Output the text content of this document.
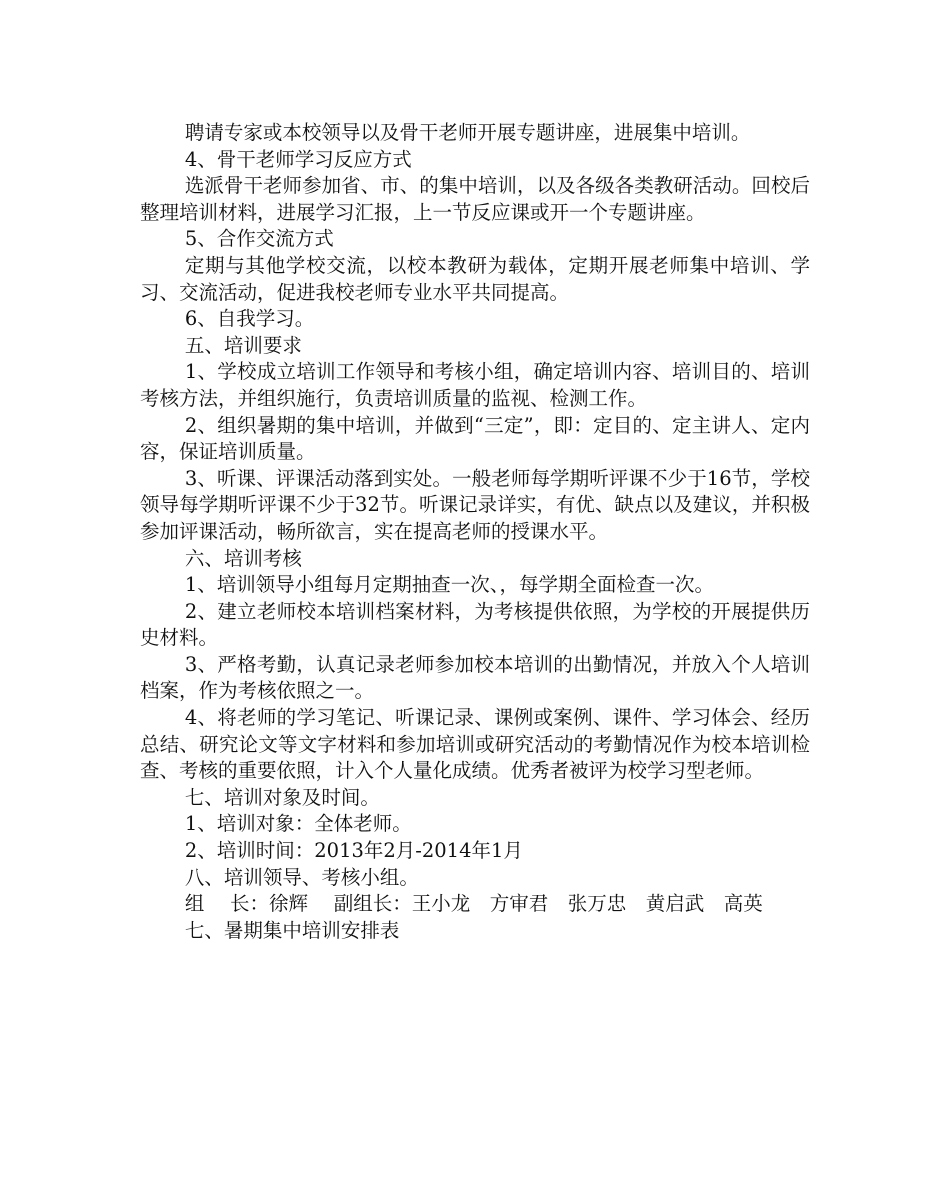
聘请专家或本校领导以及骨干老师开展专题讲座，进展集中培训。

4、骨干老师学习反应方式

选派骨干老师参加省、市、的集中培训，以及各级各类教研活动。回校后整理培训材料，进展学习汇报，上一节反应课或开一个专题讲座。

5、合作交流方式

定期与其他学校交流，以校本教研为载体，定期开展老师集中培训、学习、交流活动，促进我校老师专业水平共同提高。

6、自我学习。

五、培训要求

1、学校成立培训工作领导和考核小组，确定培训内容、培训目的、培训考核方法，并组织施行，负责培训质量的监视、检测工作。

2、组织暑期的集中培训，并做到“三定”，即：定目的、定主讲人、定内容，保证培训质量。

3、听课、评课活动落到实处。一般老师每学期听评课不少于16节，学校领导每学期听评课不少于32节。听课记录详实，有优、缺点以及建议，并积极参加评课活动，畅所欲言，实在提高老师的授课水平。

六、培训考核

1、培训领导小组每月定期抽查一次、，每学期全面检查一次。

2、建立老师校本培训档案材料，为考核提供依照，为学校的开展提供历史材料。

3、严格考勤，认真记录老师参加校本培训的出勤情况，并放入个人培训档案，作为考核依照之一。

4、将老师的学习笔记、听课记录、课例或案例、课件、学习体会、经历总结、研究论文等文字材料和参加培训或研究活动的考勤情况作为校本培训检查、考核的重要依照，计入个人量化成绩。优秀者被评为校学习型老师。

七、培训对象及时间。

1、培训对象：全体老师。

2、培训时间：2013年2月-2014年1月

八、培训领导、考核小组。

组　 长：徐辉　 副组长：王小龙　方审君　张万忠　黄启武　高英

七、暑期集中培训安排表
